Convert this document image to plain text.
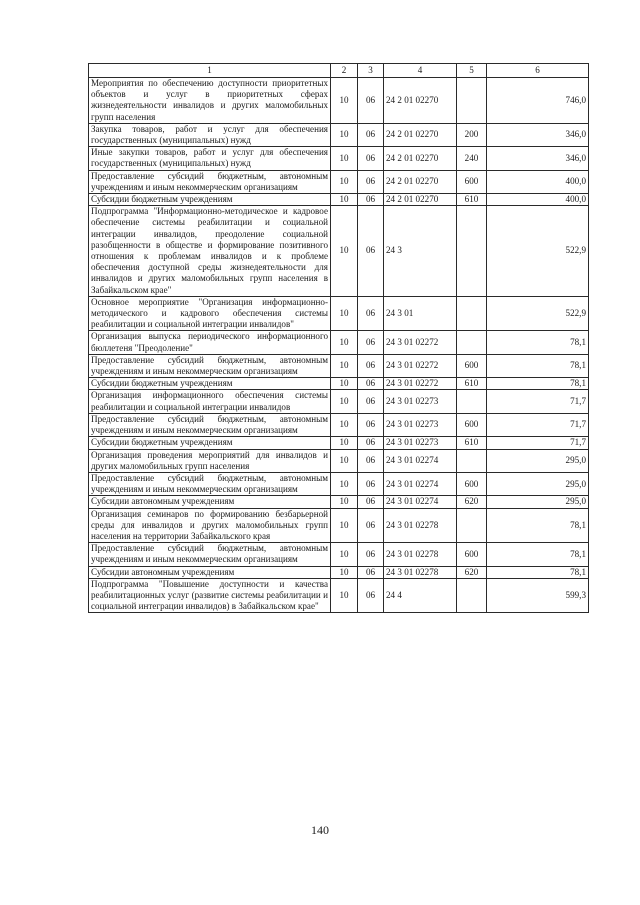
1	2	3	4	5	6
Мероприятия по обеспечению доступности приоритетных объектов и услуг в приоритетных сферах жизнедеятельности инвалидов и других маломобильных групп населения	10	06	24 2 01 02270		746,0
Закупка товаров, работ и услуг для обеспечения государственных (муниципальных) нужд	10	06	24 2 01 02270	200	346,0
Иные закупки товаров, работ и услуг для обеспечения государственных (муниципальных) нужд	10	06	24 2 01 02270	240	346,0
Предоставление субсидий бюджетным, автономным учреждениям и иным некоммерческим организациям	10	06	24 2 01 02270	600	400,0
Субсидии бюджетным учреждениям	10	06	24 2 01 02270	610	400,0
Подпрограмма "Информационно-методическое и кадровое обеспечение системы реабилитации и социальной интеграции инвалидов, преодоление социальной разобщенности в обществе и формирование позитивного отношения к проблемам инвалидов и к проблеме обеспечения доступной среды жизнедеятельности для инвалидов и других маломобильных групп населения в Забайкальском крае"	10	06	24 3		522,9
Основное мероприятие "Организация информационно-методического и кадрового обеспечения системы реабилитации и социальной интеграции инвалидов"	10	06	24 3 01		522,9
Организация выпуска периодического информационного бюллетеня "Преодоление"	10	06	24 3 01 02272		78,1
Предоставление субсидий бюджетным, автономным учреждениям и иным некоммерческим организациям	10	06	24 3 01 02272	600	78,1
Субсидии бюджетным учреждениям	10	06	24 3 01 02272	610	78,1
Организация информационного обеспечения системы реабилитации и социальной интеграции инвалидов	10	06	24 3 01 02273		71,7
Предоставление субсидий бюджетным, автономным учреждениям и иным некоммерческим организациям	10	06	24 3 01 02273	600	71,7
Субсидии бюджетным учреждениям	10	06	24 3 01 02273	610	71,7
Организация проведения мероприятий для инвалидов и других маломобильных групп населения	10	06	24 3 01 02274		295,0
Предоставление субсидий бюджетным, автономным учреждениям и иным некоммерческим организациям	10	06	24 3 01 02274	600	295,0
Субсидии автономным учреждениям	10	06	24 3 01 02274	620	295,0
Организация семинаров по формированию безбарьерной среды для инвалидов и других маломобильных групп населения на территории Забайкальского края	10	06	24 3 01 02278		78,1
Предоставление субсидий бюджетным, автономным учреждениям и иным некоммерческим организациям	10	06	24 3 01 02278	600	78,1
Субсидии автономным учреждениям	10	06	24 3 01 02278	620	78,1
Подпрограмма "Повышение доступности и качества реабилитационных услуг (развитие системы реабилитации и социальной интеграции инвалидов) в Забайкальском крае"	10	06	24 4		599,3
140
